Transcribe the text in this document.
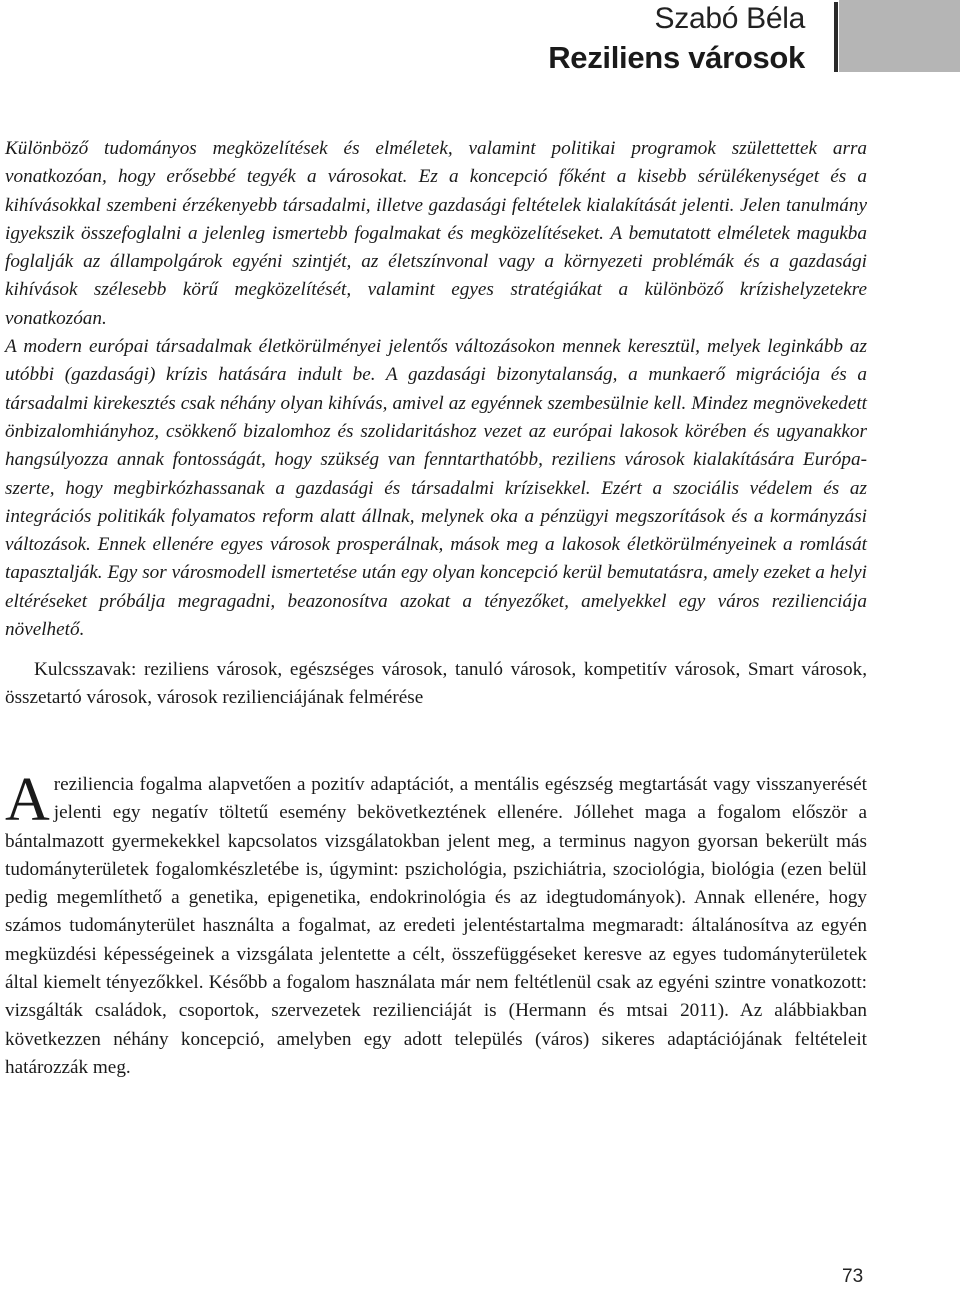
Szabó Béla
Reziliens városok

Különböző tudományos megközelítések és elméletek, valamint politikai programok születtettek arra vonatkozóan, hogy erősebbé tegyék a városokat. Ez a koncepció főként a kisebb sérülékenységet és a kihívásokkal szembeni érzékenyebb társadalmi, illetve gazdasági feltételek kialakítását jelenti. Jelen tanulmány igyekszik összefoglalni a jelenleg ismertebb fogalmakat és megközelítéseket. A bemutatott elméletek magukba foglalják az állampolgárok egyéni szintjét, az életszínvonal vagy a környezeti problémák és a gazdasági kihívások szélesebb körű megközelítését, valamint egyes stratégiákat a különböző krízishelyzetekre vonatkozóan.

A modern európai társadalmak életkörülményei jelentős változásokon mennek keresztül, melyek leginkább az utóbbi (gazdasági) krízis hatására indult be. A gazdasági bizonytalanság, a munkaerő migrációja és a társadalmi kirekesztés csak néhány olyan kihívás, amivel az egyénnek szembesülnie kell. Mindez megnövekedett önbizalomhiányhoz, csökkenő bizalomhoz és szolidaritáshoz vezet az európai lakosok körében és ugyanakkor hangsúlyozza annak fontosságát, hogy szükség van fenntarthatóbb, reziliens városok kialakítására Európa-szerte, hogy megbirkózhassanak a gazdasági és társadalmi krízisekkel. Ezért a szociális védelem és az integrációs politikák folyamatos reform alatt állnak, melynek oka a pénzügyi megszorítások és a kormányzási változások. Ennek ellenére egyes városok prosperálnak, mások meg a lakosok életkörülményeinek a romlását tapasztalják. Egy sor városmodell ismertetése után egy olyan koncepció kerül bemutatásra, amely ezeket a helyi eltéréseket próbálja megragadni, beazonosítva azokat a tényezőket, amelyekkel egy város rezilienciája növelhető.

Kulcsszavak: reziliens városok, egészséges városok, tanuló városok, kompetitív városok, Smart városok, összetartó városok, városok rezilienciájának felmérése

Areziliencia fogalma alapvetően a pozitív adaptációt, a mentális egészség megtartását vagy visszanyerését jelenti egy negatív töltetű esemény bekövetkeztének ellenére. Jóllehet maga a fogalom először a bántalmazott gyermekekkel kapcsolatos vizsgálatokban jelent meg, a terminus nagyon gyorsan bekerült más tudományterületek fogalomkészletébe is, úgymint: pszichológia, pszichiátria, szociológia, biológia (ezen belül pedig megemlíthető a genetika, epigenetika, endokrinológia és az idegtudományok). Annak ellenére, hogy számos tudományterület használta a fogalmat, az eredeti jelentéstartalma megmaradt: általánosítva az egyén megküzdési képességeinek a vizsgálata jelentette a célt, összefüggéseket keresve az egyes tudományterületek által kiemelt tényezőkkel. Később a fogalom használata már nem feltétlenül csak az egyéni szintre vonatkozott: vizsgálták családok, csoportok, szervezetek rezilienciáját is (Hermann és mtsai 2011). Az alábbiakban következzen néhány koncepció, amelyben egy adott település (város) sikeres adaptációjának feltételeit határozzák meg.

73
